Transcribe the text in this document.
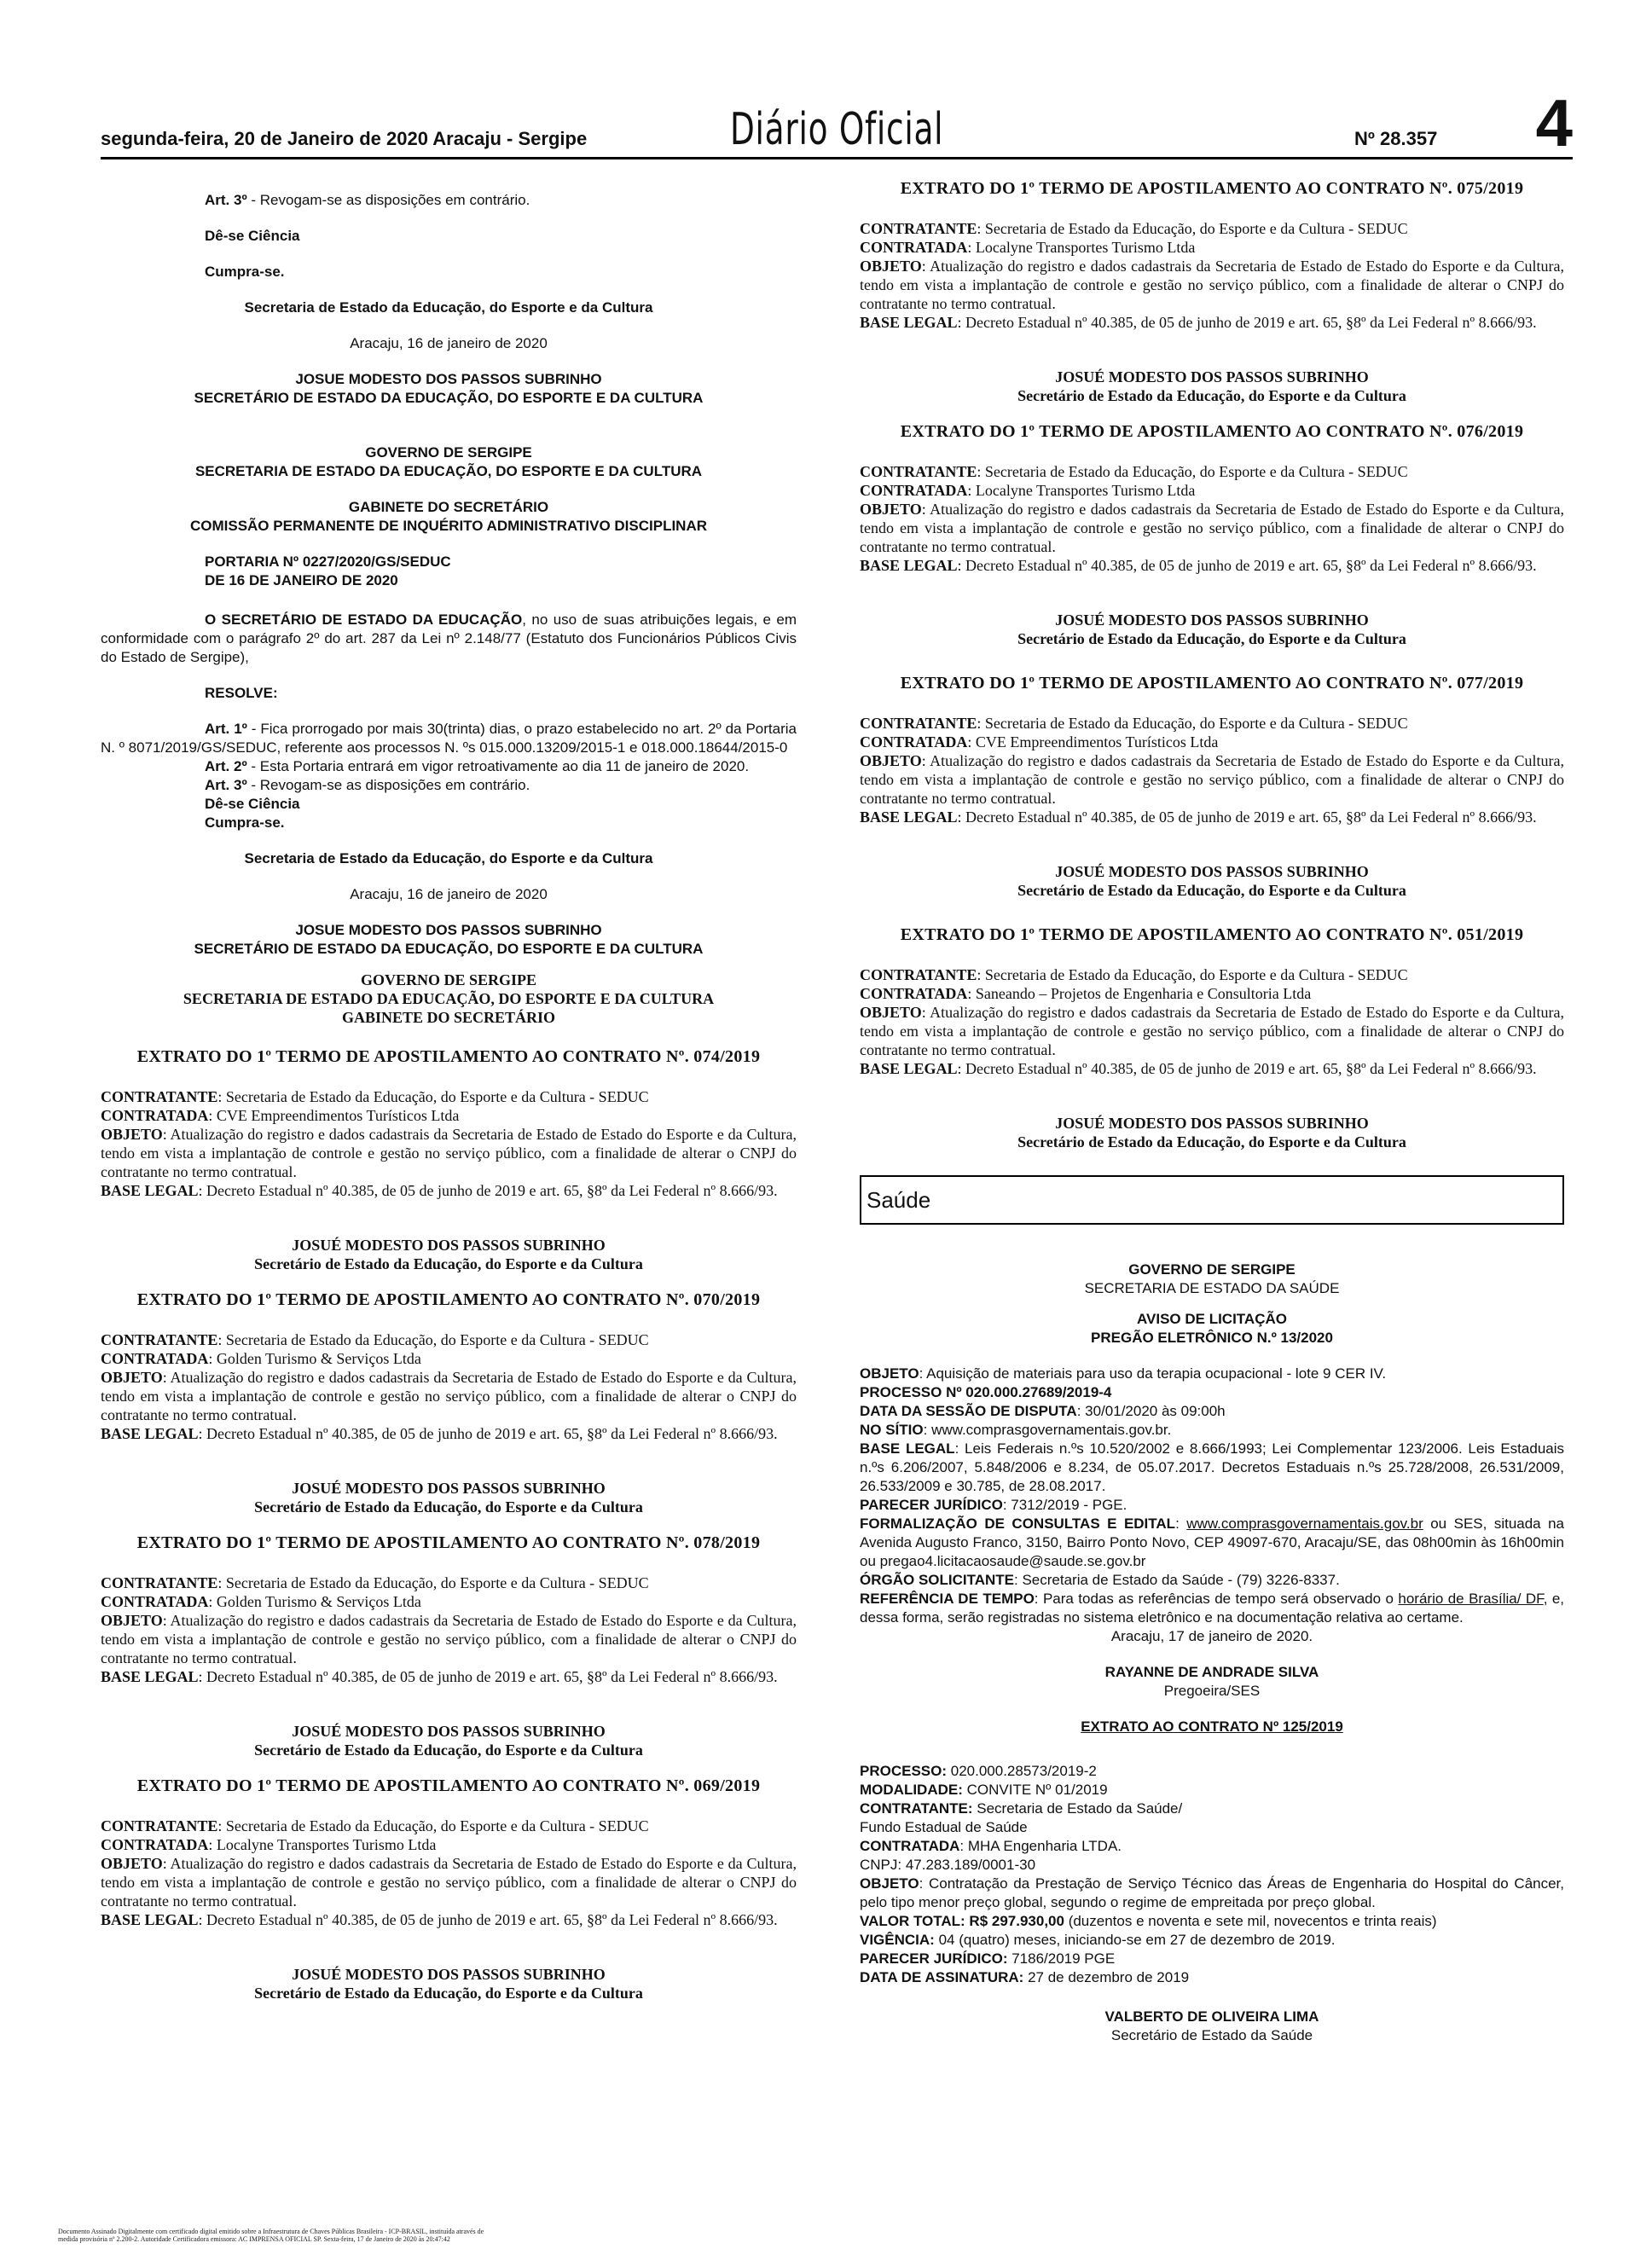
segunda-feira, 20 de Janeiro de 2020 Aracaju - Sergipe	Diário Oficial	Nº 28.357 4
Art. 3º - Revogam-se as disposições em contrário.
Dê-se Ciência
Cumpra-se.
Secretaria de Estado da Educação, do Esporte e da Cultura
Aracaju, 16 de janeiro de 2020
JOSUE MODESTO DOS PASSOS SUBRINHO
SECRETÁRIO DE ESTADO DA EDUCAÇÃO, DO ESPORTE E DA CULTURA
GOVERNO DE SERGIPE
SECRETARIA DE ESTADO DA EDUCAÇÃO, DO ESPORTE E DA CULTURA
GABINETE DO SECRETÁRIO
COMISSÃO PERMANENTE DE INQUÉRITO ADMINISTRATIVO DISCIPLINAR
PORTARIA Nº 0227/2020/GS/SEDUC
DE 16 DE JANEIRO DE 2020
O SECRETÁRIO DE ESTADO DA EDUCAÇÃO, no uso de suas atribuições legais, e em conformidade com o parágrafo 2º do art. 287 da Lei nº 2.148/77 (Estatuto dos Funcionários Públicos Civis do Estado de Sergipe),
RESOLVE:
Art. 1º - Fica prorrogado por mais 30(trinta) dias, o prazo estabelecido no art. 2º da Portaria N. º 8071/2019/GS/SEDUC, referente aos processos N. ºs 015.000.13209/2015-1 e 018.000.18644/2015-0
Art. 2º - Esta Portaria entrará em vigor retroativamente ao dia 11 de janeiro de 2020.
Art. 3º - Revogam-se as disposições em contrário.
Dê-se Ciência
Cumpra-se.
Secretaria de Estado da Educação, do Esporte e da Cultura
Aracaju, 16 de janeiro de 2020
JOSUE MODESTO DOS PASSOS SUBRINHO
SECRETÁRIO DE ESTADO DA EDUCAÇÃO, DO ESPORTE E DA CULTURA
GOVERNO DE SERGIPE
SECRETARIA DE ESTADO DA EDUCAÇÃO, DO ESPORTE E DA CULTURA
GABINETE DO SECRETÁRIO
EXTRATO DO 1º TERMO DE APOSTILAMENTO AO CONTRATO Nº. 074/2019
CONTRATANTE: Secretaria de Estado da Educação, do Esporte e da Cultura - SEDUC
CONTRATADA: CVE Empreendimentos Turísticos Ltda
OBJETO: Atualização do registro e dados cadastrais da Secretaria de Estado de Estado do Esporte e da Cultura, tendo em vista a implantação de controle e gestão no serviço público, com a finalidade de alterar o CNPJ do contratante no termo contratual.
BASE LEGAL: Decreto Estadual nº 40.385, de 05 de junho de 2019 e art. 65, §8º da Lei Federal nº 8.666/93.
JOSUÉ MODESTO DOS PASSOS SUBRINHO
Secretário de Estado da Educação, do Esporte e da Cultura
EXTRATO DO 1º TERMO DE APOSTILAMENTO AO CONTRATO Nº. 070/2019
CONTRATANTE: Secretaria de Estado da Educação, do Esporte e da Cultura - SEDUC
CONTRATADA: Golden Turismo & Serviços Ltda
OBJETO: Atualização do registro e dados cadastrais da Secretaria de Estado de Estado do Esporte e da Cultura, tendo em vista a implantação de controle e gestão no serviço público, com a finalidade de alterar o CNPJ do contratante no termo contratual.
BASE LEGAL: Decreto Estadual nº 40.385, de 05 de junho de 2019 e art. 65, §8º da Lei Federal nº 8.666/93.
JOSUÉ MODESTO DOS PASSOS SUBRINHO
Secretário de Estado da Educação, do Esporte e da Cultura
EXTRATO DO 1º TERMO DE APOSTILAMENTO AO CONTRATO Nº. 078/2019
CONTRATANTE: Secretaria de Estado da Educação, do Esporte e da Cultura - SEDUC
CONTRATADA: Golden Turismo & Serviços Ltda
OBJETO: Atualização do registro e dados cadastrais da Secretaria de Estado de Estado do Esporte e da Cultura, tendo em vista a implantação de controle e gestão no serviço público, com a finalidade de alterar o CNPJ do contratante no termo contratual.
BASE LEGAL: Decreto Estadual nº 40.385, de 05 de junho de 2019 e art. 65, §8º da Lei Federal nº 8.666/93.
JOSUÉ MODESTO DOS PASSOS SUBRINHO
Secretário de Estado da Educação, do Esporte e da Cultura
EXTRATO DO 1º TERMO DE APOSTILAMENTO AO CONTRATO Nº. 069/2019
CONTRATANTE: Secretaria de Estado da Educação, do Esporte e da Cultura - SEDUC
CONTRATADA: Localyne Transportes Turismo Ltda
OBJETO: Atualização do registro e dados cadastrais da Secretaria de Estado de Estado do Esporte e da Cultura, tendo em vista a implantação de controle e gestão no serviço público, com a finalidade de alterar o CNPJ do contratante no termo contratual.
BASE LEGAL: Decreto Estadual nº 40.385, de 05 de junho de 2019 e art. 65, §8º da Lei Federal nº 8.666/93.
JOSUÉ MODESTO DOS PASSOS SUBRINHO
Secretário de Estado da Educação, do Esporte e da Cultura
EXTRATO DO 1º TERMO DE APOSTILAMENTO AO CONTRATO Nº. 075/2019
CONTRATANTE: Secretaria de Estado da Educação, do Esporte e da Cultura - SEDUC
CONTRATADA: Localyne Transportes Turismo Ltda
OBJETO: Atualização do registro e dados cadastrais da Secretaria de Estado de Estado do Esporte e da Cultura, tendo em vista a implantação de controle e gestão no serviço público, com a finalidade de alterar o CNPJ do contratante no termo contratual.
BASE LEGAL: Decreto Estadual nº 40.385, de 05 de junho de 2019 e art. 65, §8º da Lei Federal nº 8.666/93.
JOSUÉ MODESTO DOS PASSOS SUBRINHO
Secretário de Estado da Educação, do Esporte e da Cultura
EXTRATO DO 1º TERMO DE APOSTILAMENTO AO CONTRATO Nº. 076/2019
CONTRATANTE: Secretaria de Estado da Educação, do Esporte e da Cultura - SEDUC
CONTRATADA: Localyne Transportes Turismo Ltda
OBJETO: Atualização do registro e dados cadastrais da Secretaria de Estado de Estado do Esporte e da Cultura, tendo em vista a implantação de controle e gestão no serviço público, com a finalidade de alterar o CNPJ do contratante no termo contratual.
BASE LEGAL: Decreto Estadual nº 40.385, de 05 de junho de 2019 e art. 65, §8º da Lei Federal nº 8.666/93.
JOSUÉ MODESTO DOS PASSOS SUBRINHO
Secretário de Estado da Educação, do Esporte e da Cultura
EXTRATO DO 1º TERMO DE APOSTILAMENTO AO CONTRATO Nº. 077/2019
CONTRATANTE: Secretaria de Estado da Educação, do Esporte e da Cultura - SEDUC
CONTRATADA: CVE Empreendimentos Turísticos Ltda
OBJETO: Atualização do registro e dados cadastrais da Secretaria de Estado de Estado do Esporte e da Cultura, tendo em vista a implantação de controle e gestão no serviço público, com a finalidade de alterar o CNPJ do contratante no termo contratual.
BASE LEGAL: Decreto Estadual nº 40.385, de 05 de junho de 2019 e art. 65, §8º da Lei Federal nº 8.666/93.
JOSUÉ MODESTO DOS PASSOS SUBRINHO
Secretário de Estado da Educação, do Esporte e da Cultura
EXTRATO DO 1º TERMO DE APOSTILAMENTO AO CONTRATO Nº. 051/2019
CONTRATANTE: Secretaria de Estado da Educação, do Esporte e da Cultura - SEDUC
CONTRATADA: Saneando – Projetos de Engenharia e Consultoria Ltda
OBJETO: Atualização do registro e dados cadastrais da Secretaria de Estado de Estado do Esporte e da Cultura, tendo em vista a implantação de controle e gestão no serviço público, com a finalidade de alterar o CNPJ do contratante no termo contratual.
BASE LEGAL: Decreto Estadual nº 40.385, de 05 de junho de 2019 e art. 65, §8º da Lei Federal nº 8.666/93.
JOSUÉ MODESTO DOS PASSOS SUBRINHO
Secretário de Estado da Educação, do Esporte e da Cultura
Saúde
GOVERNO DE SERGIPE
SECRETARIA DE ESTADO DA SAÚDE
AVISO DE LICITAÇÃO
PREGÃO ELETRÔNICO N.º 13/2020
OBJETO: Aquisição de materiais para uso da terapia ocupacional - lote 9 CER IV.
PROCESSO Nº 020.000.27689/2019-4
DATA DA SESSÃO DE DISPUTA: 30/01/2020 às 09:00h
NO SÍTIO: www.comprasgovernamentais.gov.br.
BASE LEGAL: Leis Federais n.ºs 10.520/2002 e 8.666/1993; Lei Complementar 123/2006. Leis Estaduais n.ºs 6.206/2007, 5.848/2006 e 8.234, de 05.07.2017. Decretos Estaduais n.ºs 25.728/2008, 26.531/2009, 26.533/2009 e 30.785, de 28.08.2017.
PARECER JURÍDICO: 7312/2019 - PGE.
FORMALIZAÇÃO DE CONSULTAS E EDITAL: www.comprasgovernamentais.gov.br ou SES, situada na Avenida Augusto Franco, 3150, Bairro Ponto Novo, CEP 49097-670, Aracaju/SE, das 08h00min às 16h00min ou pregao4.licitacaosaude@saude.se.gov.br
ÓRGÃO SOLICITANTE: Secretaria de Estado da Saúde - (79) 3226-8337.
REFERÊNCIA DE TEMPO: Para todas as referências de tempo será observado o horário de Brasília/ DF, e, dessa forma, serão registradas no sistema eletrônico e na documentação relativa ao certame.
Aracaju, 17 de janeiro de 2020.
RAYANNE DE ANDRADE SILVA
Pregoeira/SES
EXTRATO AO CONTRATO Nº 125/2019
PROCESSO: 020.000.28573/2019-2
MODALIDADE: CONVITE Nº 01/2019
CONTRATANTE: Secretaria de Estado da Saúde/
Fundo Estadual de Saúde
CONTRATADA: MHA Engenharia LTDA.
CNPJ: 47.283.189/0001-30
OBJETO: Contratação da Prestação de Serviço Técnico das Áreas de Engenharia do Hospital do Câncer, pelo tipo menor preço global, segundo o regime de empreitada por preço global.
VALOR TOTAL: R$ 297.930,00 (duzentos e noventa e sete mil, novecentos e trinta reais)
VIGÊNCIA: 04 (quatro) meses, iniciando-se em 27 de dezembro de 2019.
PARECER JURÍDICO: 7186/2019 PGE
DATA DE ASSINATURA: 27 de dezembro de 2019
VALBERTO DE OLIVEIRA LIMA
Secretário de Estado da Saúde
Documento Assinado Digitalmente com certificado digital emitido sobre a Infraestrutura de Chaves Públicas Brasileira - ICP-BRASIL, instituída através de medida provisória nº 2.200-2. Autoridade Certificadora emissora: AC IMPRENSA OFICIAL SP. Sexta-feira, 17 de Janeiro de 2020 às 20:47:42
